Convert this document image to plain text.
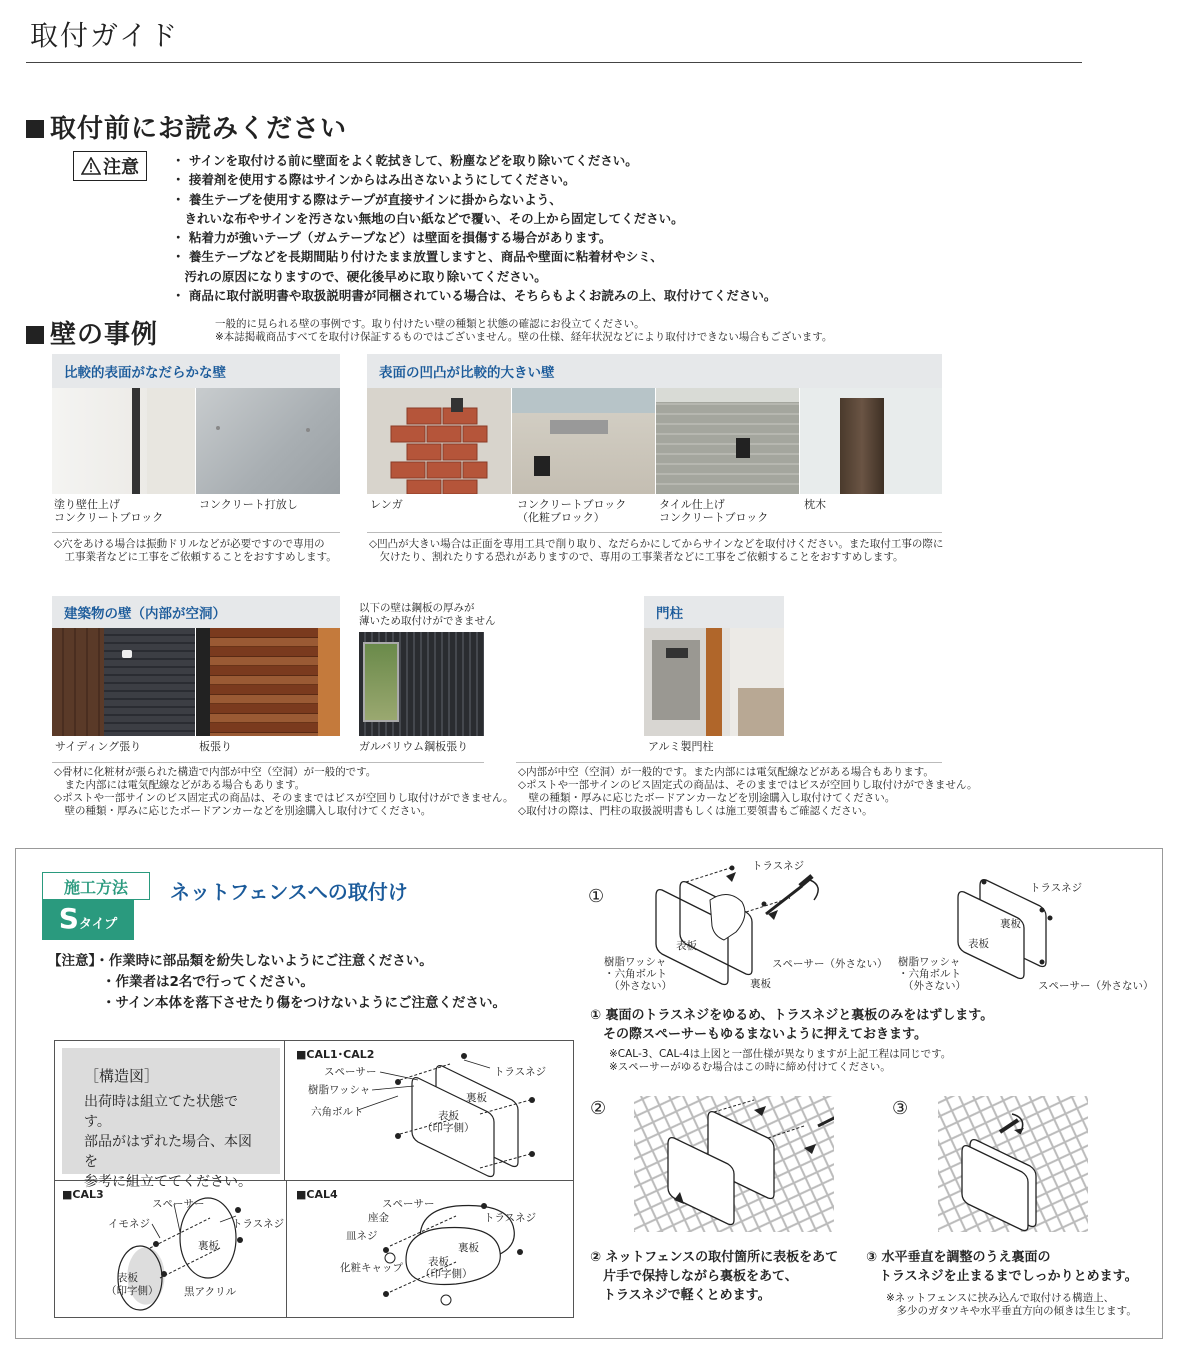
取付ガイド
取付前にお読みください
注意	・ サインを取付ける前に壁面をよく乾拭きして、粉塵などを取り除いてください。
・ 接着剤を使用する際はサインからはみ出さないようにしてください。
・ 養生テープを使用する際はテープが直接サインに掛からないよう、
　きれいな布やサインを汚さない無地の白い紙などで覆い、その上から固定してください。
・ 粘着力が強いテープ（ガムテープなど）は壁面を損傷する場合があります。
・ 養生テープなどを長期間貼り付けたまま放置しますと、商品や壁面に粘着材やシミ、
　汚れの原因になりますので、硬化後早めに取り除いてください。
・ 商品に取付説明書や取扱説明書が同梱されている場合は、そちらもよくお読みの上、取付けてください。
壁の事例	一般的に見られる壁の事例です。取り付けたい壁の種類と状態の確認にお役立てください。
※本誌掲載商品すべてを取付け保証するものではございません。壁の仕様、経年状況などにより取付けできない場合もございます。
比較的表面がなだらかな壁
塗り壁仕上げ
コンクリートブロック
コンクリート打放し
◇穴をあける場合は振動ドリルなどが必要ですので専用の
　工事業者などに工事をご依頼することをおすすめします。
表面の凹凸が比較的大きい壁
レンガ	コンクリートブロック
（化粧ブロック）
タイル仕上げ
コンクリートブロック
枕木
◇凹凸が大きい場合は正面を専用工具で削り取り、なだらかにしてからサインなどを取付けください。また取付工事の際に
　欠けたり、割れたりする恐れがありますので、専用の工事業者などに工事をご依頼することをおすすめします。
建築物の壁（内部が空洞）
サイディング張り	板張り
以下の壁は鋼板の厚みが
薄いため取付けができません
ガルバリウム鋼板張り
◇骨材に化粧材が張られた構造で内部が中空（空洞）が一般的です。
　また内部には電気配線などがある場合もあります。
◇ポストや一部サインのビス固定式の商品は、そのままではビスが空回りし取付けができません。
　壁の種類・厚みに応じたボードアンカーなどを別途購入し取付けてください。
門柱
アルミ製門柱
◇内部が中空（空洞）が一般的です。また内部には電気配線などがある場合もあります。
◇ポストや一部サインのビス固定式の商品は、そのままではビスが空回りし取付けができません。
　壁の種類・厚みに応じたボードアンカーなどを別途購入し取付けてください。
◇取付けの際は、門柱の取扱説明書もしくは施工要領書もご確認ください。
施工方法
S タイプ
ネットフェンスへの取付け
【注意】・作業時に部品類を紛失しないようにご注意ください。
　　　　・作業者は2名で行ってください。
　　　　・サイン本体を落下させたり傷をつけないようにご注意ください。
［構造図］
出荷時は組立てた状態です。
部品がはずれた場合、本図を
参考に組立ててください。
■CAL1･CAL2
スペーサー
樹脂ワッシャ
六角ボルト
トラスネジ
裏板
表板
（印字側）
■CAL3
スペーサー
イモネジ	トラスネジ
裏板
表板
（印字側） 黒アクリル
■CAL4
スペーサー
座金
皿ネジ
トラスネジ
裏板
化粧キャップ 表板
（印字側）
①
トラスネジ
表板
樹脂ワッシャ
・六角ボルト
（外さない）
スペーサー（外さない）
裏板
トラスネジ
裏板
表板
樹脂ワッシャ
・六角ボルト
（外さない）	スペーサー（外さない）
① 裏面のトラスネジをゆるめ、トラスネジと裏板のみをはずします。
　その際スペーサーもゆるまないように押えておきます。
※CAL-3、CAL-4は上図と一部仕様が異なりますが上記工程は同じです。
※スペーサーがゆるむ場合はこの時に締め付けてください。
②
② ネットフェンスの取付箇所に表板をあて
　片手で保持しながら裏板をあて、
　トラスネジで軽くとめます。
③
③ 水平垂直を調整のうえ裏面の
　トラスネジを止まるまでしっかりとめます。
※ネットフェンスに挟み込んで取付ける構造上、
　多少のガタツキや水平垂直方向の傾きは生じます。
